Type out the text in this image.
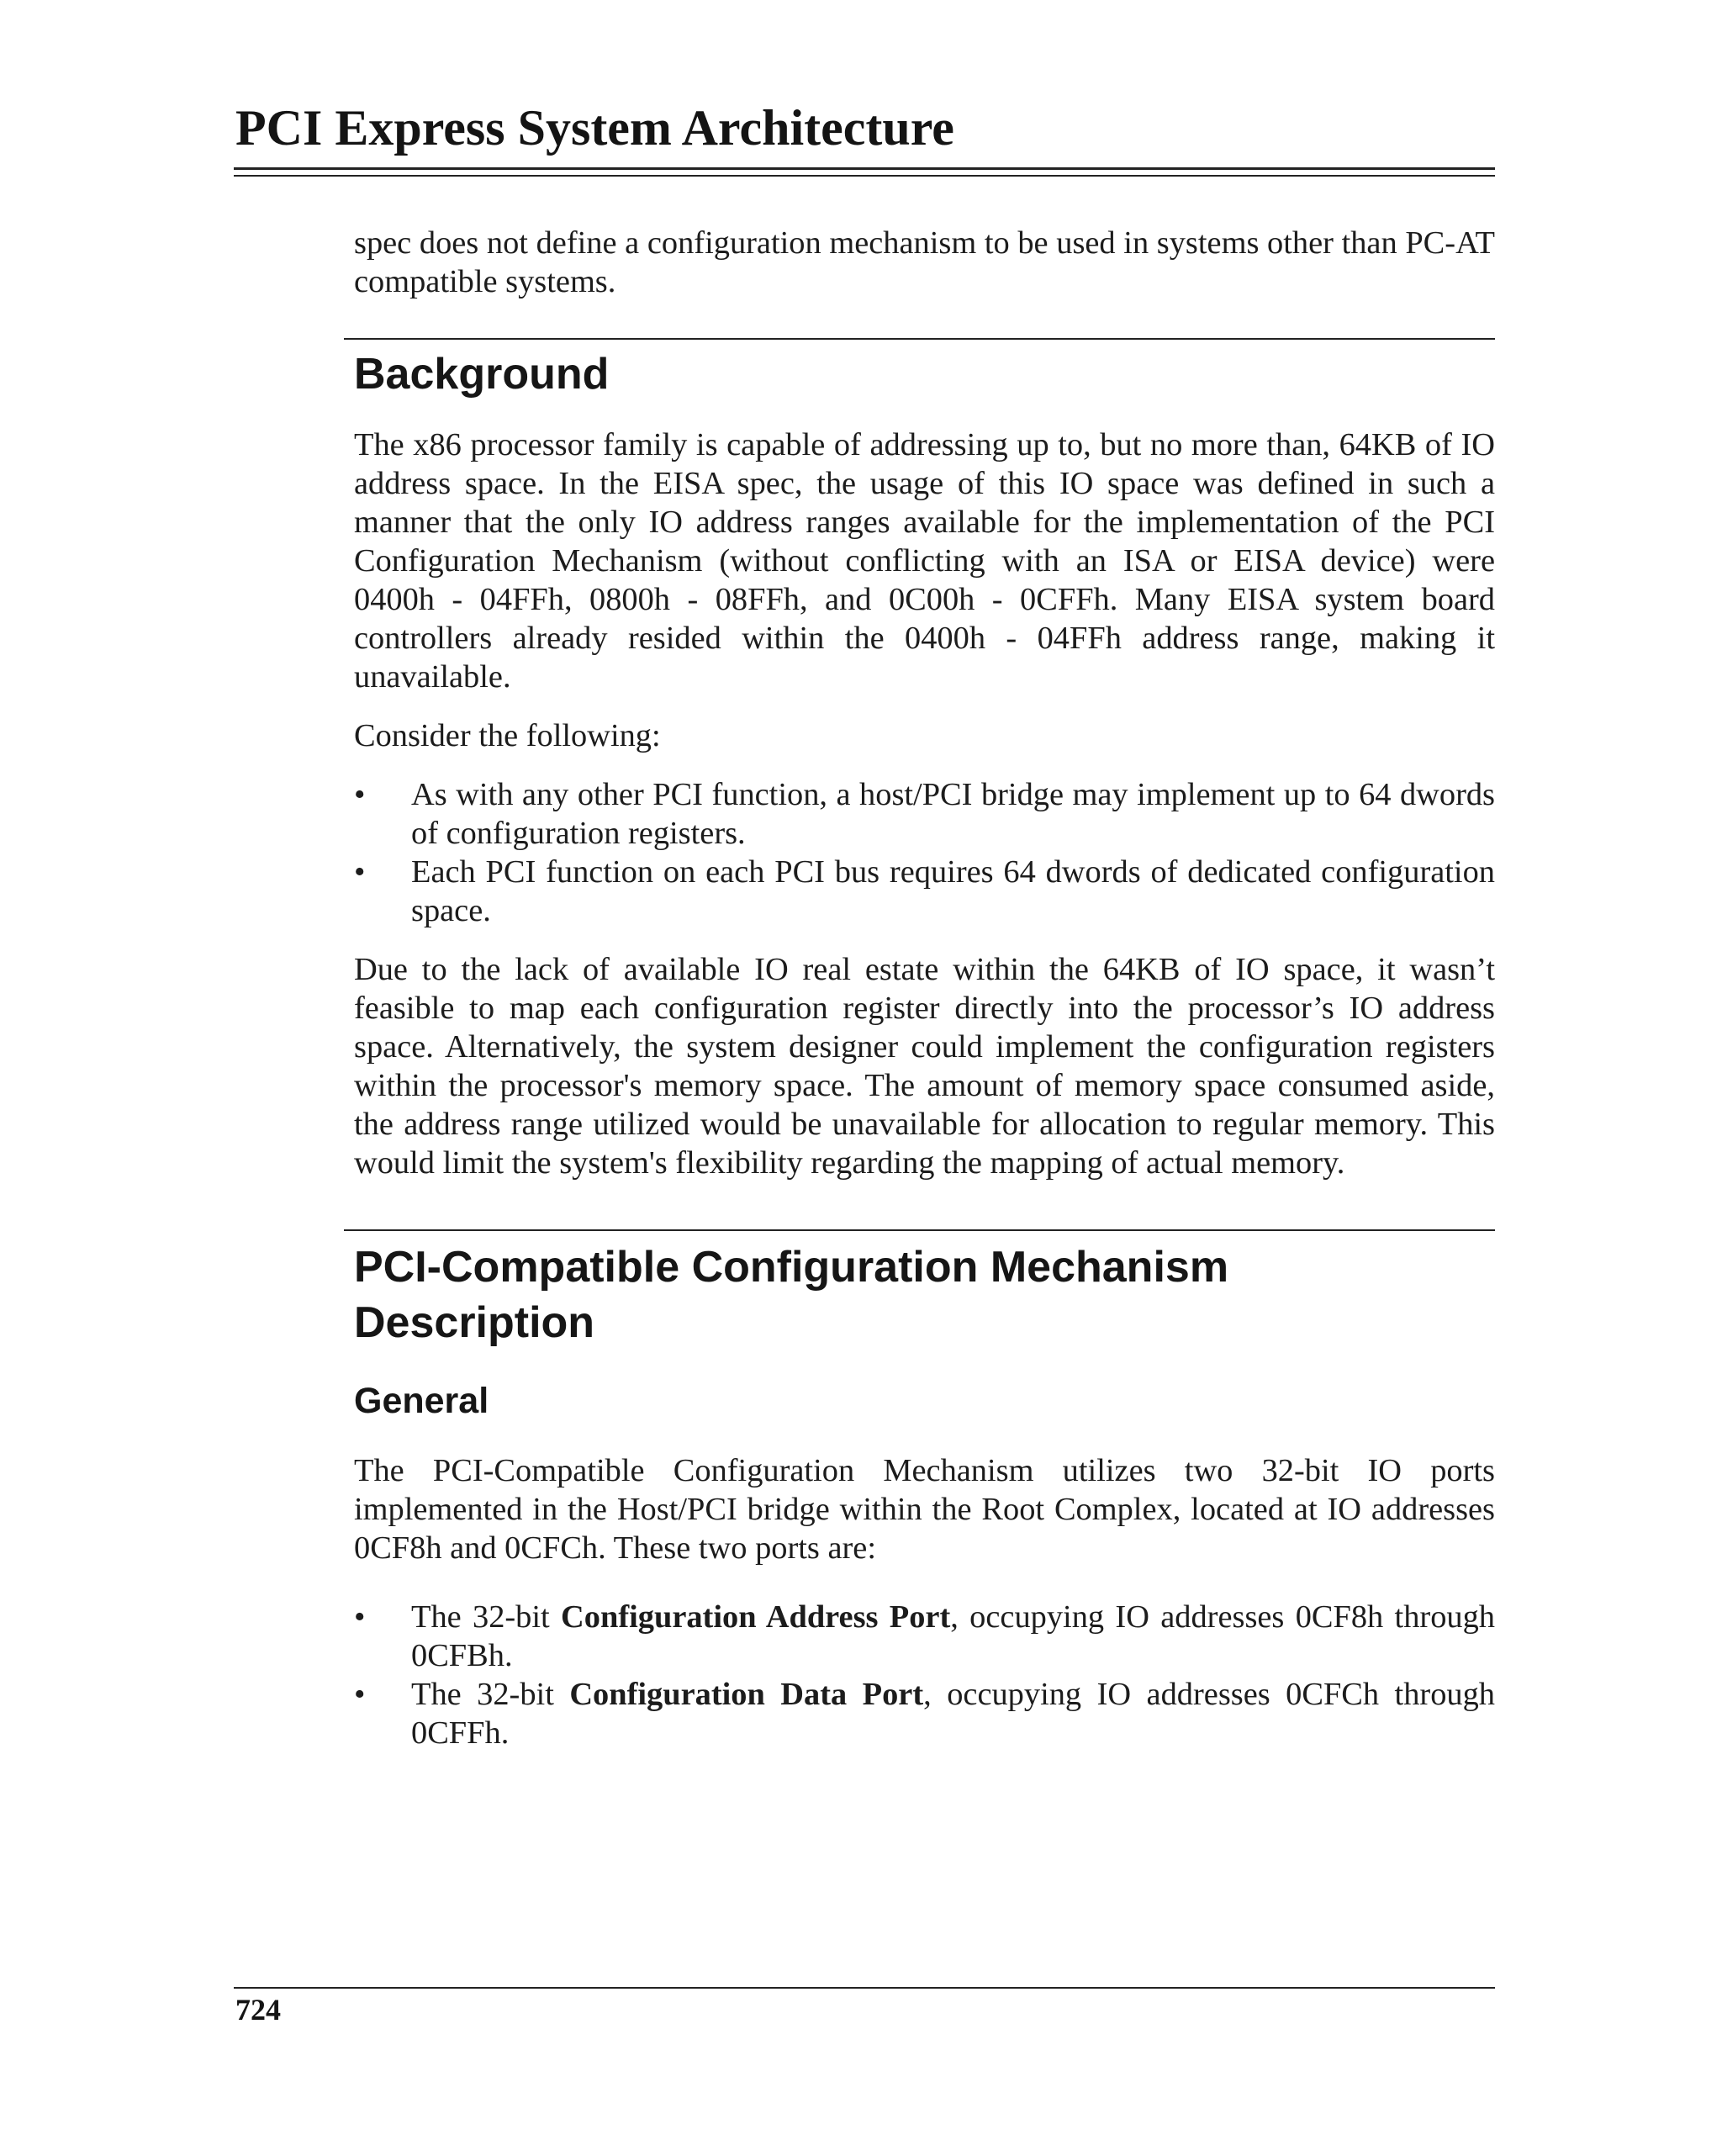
PCI Express System Architecture

spec does not define a configuration mechanism to be used in systems other than PC-AT compatible systems.

Background

The x86 processor family is capable of addressing up to, but no more than, 64KB of IO address space. In the EISA spec, the usage of this IO space was defined in such a manner that the only IO address ranges available for the implementation of the PCI Configuration Mechanism (without conflicting with an ISA or EISA device) were 0400h - 04FFh, 0800h - 08FFh, and 0C00h - 0CFFh. Many EISA system board controllers already resided within the 0400h - 04FFh address range, making it unavailable.

Consider the following:

• As with any other PCI function, a host/PCI bridge may implement up to 64 dwords of configuration registers.
• Each PCI function on each PCI bus requires 64 dwords of dedicated configuration space.

Due to the lack of available IO real estate within the 64KB of IO space, it wasn’t feasible to map each configuration register directly into the processor’s IO address space. Alternatively, the system designer could implement the configuration registers within the processor's memory space. The amount of memory space consumed aside, the address range utilized would be unavailable for allocation to regular memory. This would limit the system's flexibility regarding the mapping of actual memory.

PCI-Compatible Configuration Mechanism
Description
General

The PCI-Compatible Configuration Mechanism utilizes two 32-bit IO ports implemented in the Host/PCI bridge within the Root Complex, located at IO addresses 0CF8h and 0CFCh. These two ports are:

• The 32-bit Configuration Address Port, occupying IO addresses 0CF8h through 0CFBh.
• The 32-bit Configuration Data Port, occupying IO addresses 0CFCh through 0CFFh.
724
